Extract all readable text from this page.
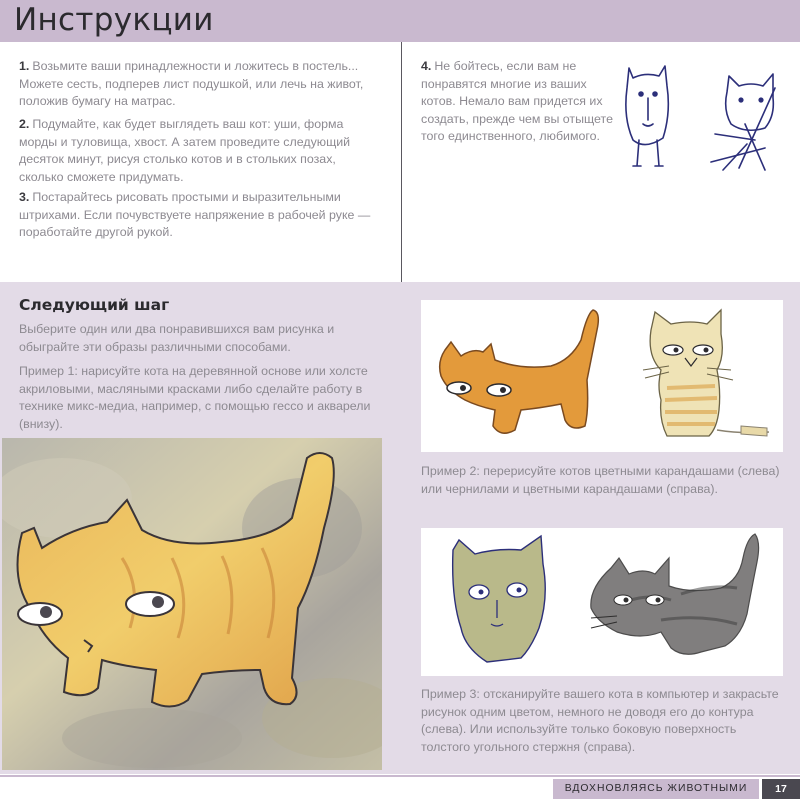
Инструкции

1. Возьмите ваши принадлежности и ложитесь в постель... Можете сесть, подперев лист подушкой, или лечь на живот, положив бумагу на матрас.

2. Подумайте, как будет выглядеть ваш кот: уши, форма морды и туловища, хвост. А затем проведите следующий десяток минут, рисуя столько котов и в стольких позах, сколько сможете придумать.

3. Постарайтесь рисовать простыми и выразительными штрихами. Если почувствуете напряжение в рабочей руке — поработайте другой рукой.

4. Не бойтесь, если вам не понравятся многие из ваших котов. Немало вам придется их создать, прежде чем вы отыщете того единственного, любимого.

Следующий шаг

Выберите один или два понравившихся вам рисунка и обыграйте эти образы различными способами.

Пример 1: нарисуйте кота на деревянной основе или холсте акриловыми, масляными красками либо сделайте работу в технике микс-медиа, например, с помощью гессо и акварели (внизу).

Пример 2: перерисуйте котов цветными карандашами (слева) или чернилами и цветными карандашами (справа).

Пример 3: отсканируйте вашего кота в компьютер и закрасьте рисунок одним цветом, немного не доводя его до контура (слева). Или используйте только боковую поверхность толстого угольного стержня (справа).

ВДОХНОВЛЯЯСЬ ЖИВОТНЫМИ	17
